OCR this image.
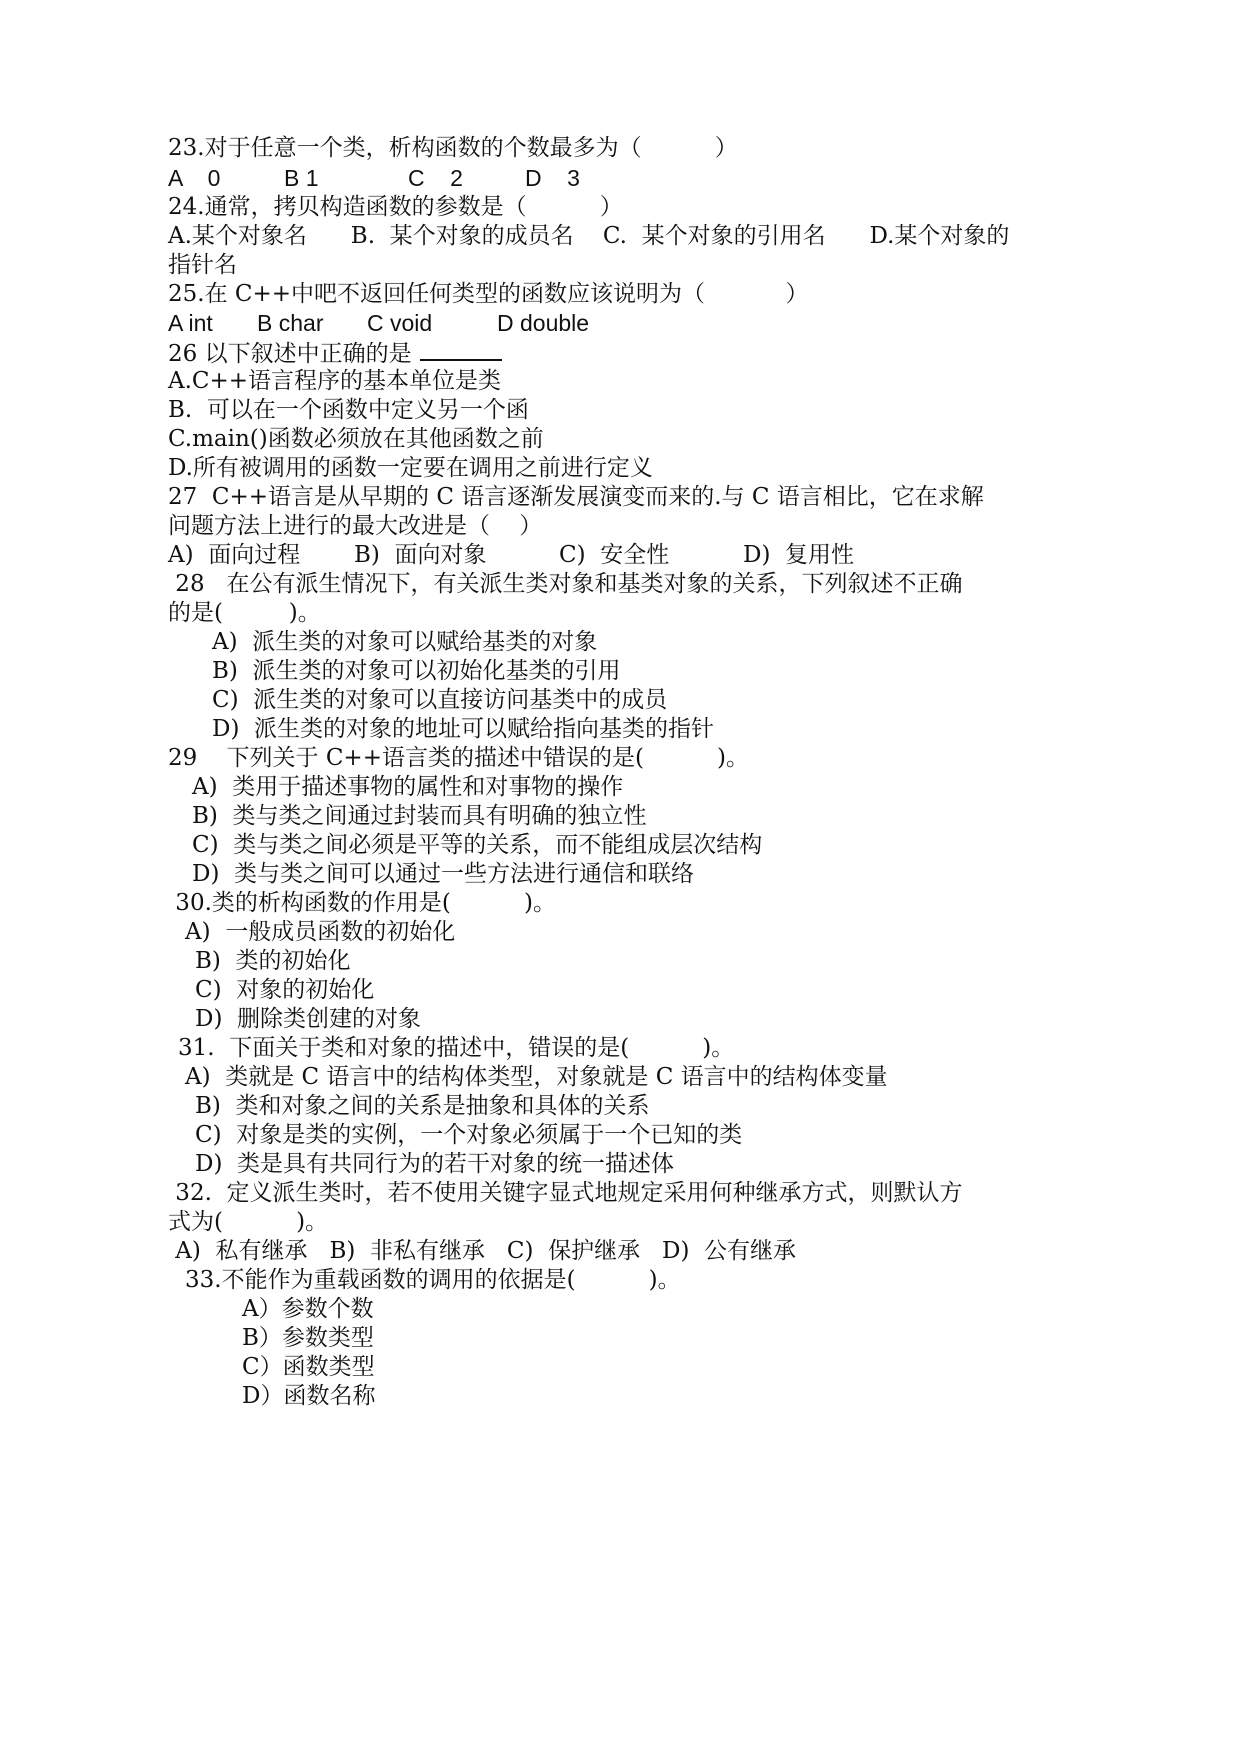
23.对于任意一个类，析构函数的个数最多为（          ）
A    0	B 1	C    2	D    3
24.通常，拷贝构造函数的参数是（          ）
A.某个对象名      B.  某个对象的成员名    C.  某个对象的引用名      D.某个对象的
指针名
25.在 C++中吧不返回任何类型的函数应该说明为（           ）
A int B char C void	D double
26 以下叙述中正确的是
A.C++语言程序的基本单位是类
B.  可以在一个函数中定义另一个函
C.main()函数必须放在其他函数之前
D.所有被调用的函数一定要在调用之前进行定义
27  C++语言是从早期的 C 语言逐渐发展演变而来的.与 C 语言相比，它在求解
问题方法上进行的最大改进是（    ）
A)  面向过程 B)  面向对象	C)  安全性	D)  复用性
28   在公有派生情况下，有关派生类对象和基类对象的关系，下列叙述不正确
的是(         )。
A)  派生类的对象可以赋给基类的对象
B)  派生类的对象可以初始化基类的引用
C)  派生类的对象可以直接访问基类中的成员
D)  派生类的对象的地址可以赋给指向基类的指针
29    下列关于 C++语言类的描述中错误的是(          )。
A)  类用于描述事物的属性和对事物的操作
B)  类与类之间通过封装而具有明确的独立性
C)  类与类之间必须是平等的关系，而不能组成层次结构
D)  类与类之间可以通过一些方法进行通信和联络
30.类的析构函数的作用是(          )。
A)  一般成员函数的初始化
B)  类的初始化
C)  对象的初始化
D)  删除类创建的对象
31.  下面关于类和对象的描述中，错误的是(          )。
A)  类就是 C 语言中的结构体类型，对象就是 C 语言中的结构体变量
B)  类和对象之间的关系是抽象和具体的关系
C)  对象是类的实例，一个对象必须属于一个已知的类
D)  类是具有共同行为的若干对象的统一描述体
32.  定义派生类时，若不使用关键字显式地规定采用何种继承方式，则默认方
式为(          )。
A)  私有继承   B)  非私有继承   C)  保护继承   D)  公有继承
33.不能作为重载函数的调用的依据是(          )。
A）参数个数
B）参数类型
C）函数类型
D）函数名称
